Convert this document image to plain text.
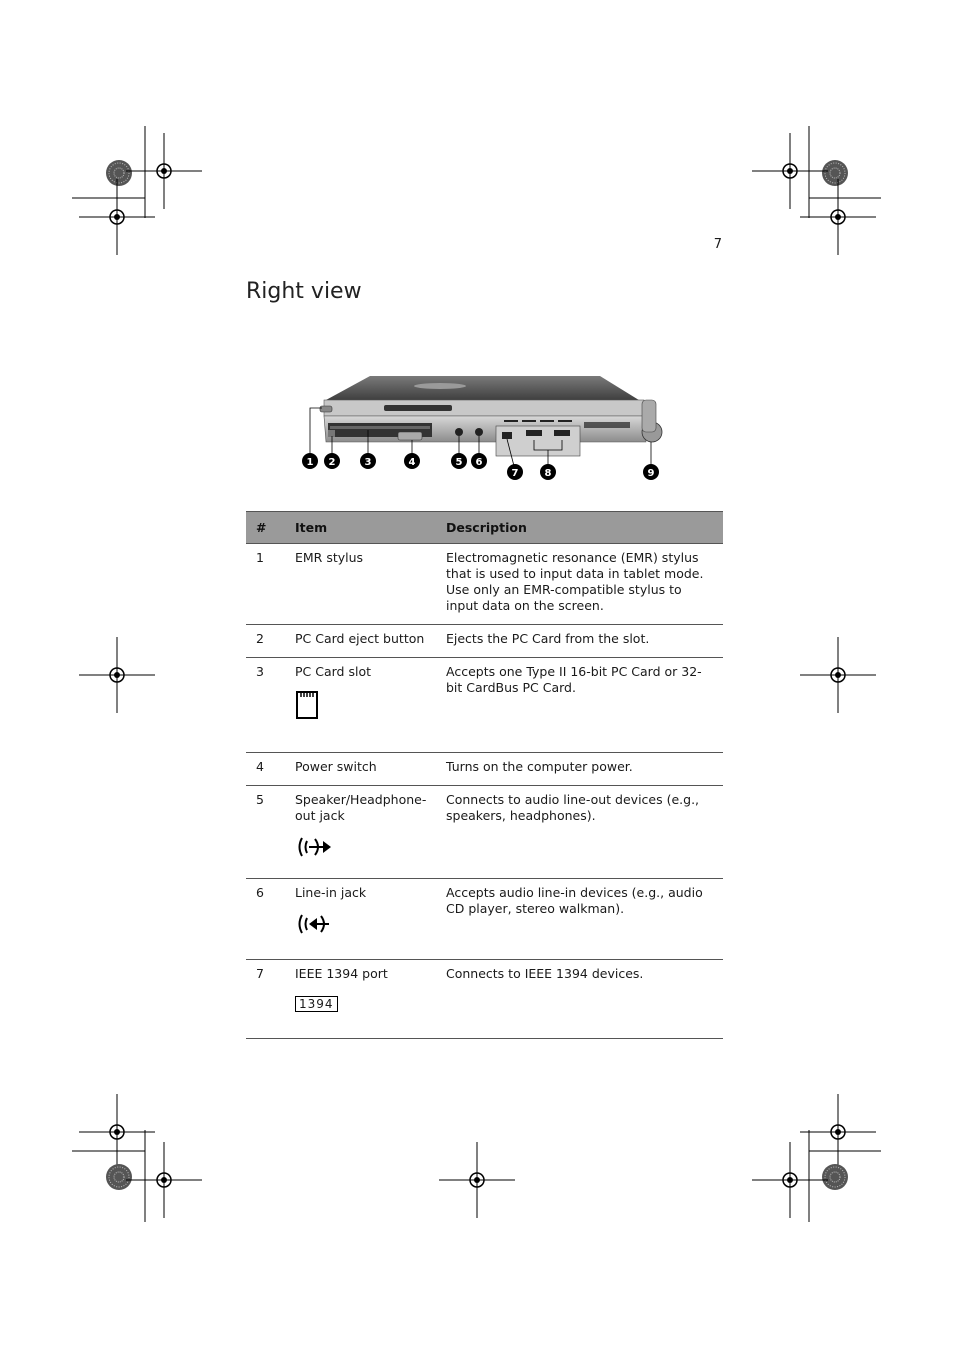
7
Right view
1 2	3	4	5 6
7	8	9
#	Item	Description
1	EMR stylus	Electromagnetic resonance (EMR) stylus that is used to input data in tablet mode. Use only an EMR-compatible stylus to input data on the screen.
2	PC Card eject button	Ejects the PC Card from the slot.
3	PC Card slot	Accepts one Type II 16-bit PC Card or 32-bit CardBus PC Card.
4	Power switch	Turns on the computer power.
5	Speaker/Headphone-out jack	Connects to audio line-out devices (e.g., speakers, headphones).
6	Line-in jack	Accepts audio line-in devices (e.g., audio CD player, stereo walkman).
7	IEEE 1394 port 1394	Connects to IEEE 1394 devices.
